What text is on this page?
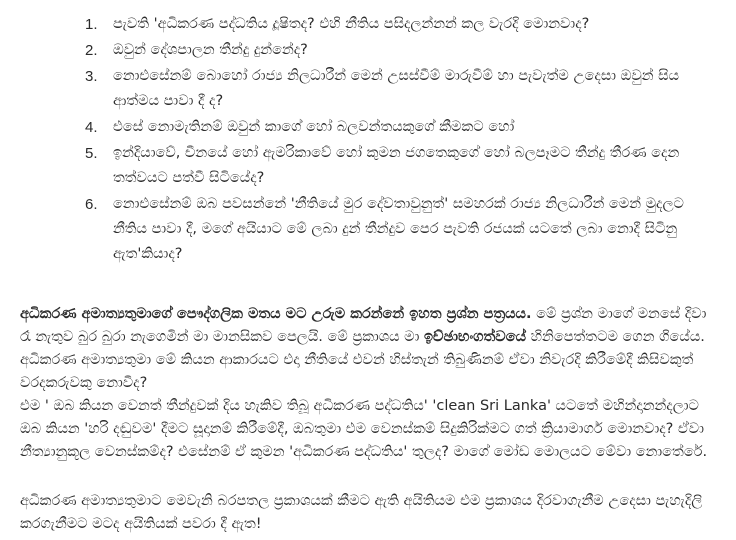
1.	පැවති 'අධිකරණ පද්ධතිය දූෂිතද? එහි නීතිය පසිදලන්නන් කල වැරදි මොනවාද?
2.	ඔවුන් දේශපාලන තීන්දු දුන්නේද?
3.	නොඑසේනම් බොහෝ රාජ්‍ය නිලධාරීන් මෙන් උසස්වීම් මාරුවීම් හා පැවැත්ම උදෙසා ඔවුන් සිය ආත්මය පාවා දී ද?
4.	එසේ නොමැතිනම් ඔවුන් කාගේ හෝ බලවන්තයකුගේ කීමකට හෝ
5.	ඉන්දියාවේ, චීනයේ හෝ ඇමරිකාවේ හෝ කුමන ජගතෙකුගේ හෝ බලපෑමට තීන්දු තීරණ දෙන තත්වයට පත්වී සිටියේද?
6.	නොඑසේනම් ඔබ පවසන්නේ 'නීතියේ මුර දේවතාවුනුත්' සමහරක් රාජ්‍ය නිලධාරීන් මෙන් මුදලට නීතිය පාවා දී, මගේ අයියාට මේ ලබා දුන් තීන්දුව පෙර පැවති රජයක් යටතේ ලබා නොදී සිටිනු ඇත'කියාද?

අධිකරණ අමාත්‍යතුමාගේ පෞද්ගලික මතය මට උරුම කරන්නේ ඉහත ප්‍රශ්න පත්‍රයය. මේ ප්‍රශ්න මාගේ මනසේ දිවා රෑ නැතුව බුර බුරා නැගෙමින් මා මානසිකව පෙලයි. මේ ප්‍රකාශය මා ඉච්ඡාභංගත්වයේ හිනිපෙත්තටම ගෙන ගියේය.

අධිකරණ අමාත්‍යතුමා මේ කියන ආකාරයට එදා නීතියේ එවන් හිස්තැන් තිබුණිනම් ඒවා නිවැරදි කිරීමේදී කිසිවකුත් වරදකරුවකු නොවීද?

එම ' ඔබ කියන වෙනත් තීන්දුවක් දිය හැකිව තිබූ අධිකරණ පද්ධතිය' 'clean Sri Lanka' යටතේ මහින්දානන්දලාට ඔබ කියන 'හරි දඬුවම' දීමට සූදානම් කිරීමේදී, ඔබතුමා එම වෙනස්කම් සිදුකිරික්මට ගත් ක්‍රියාමාර්ග මොනවාද? ඒවා නීත්‍යානුකූල වෙනස්කම්ද? එසේනම් ඒ කුමන 'අධිකරණ පද්ධතිය' තුලද? මාගේ මෝඩ මොලයට මේවා නොතේරේ.

අධිකරණ අමාත්‍යතුමාට මෙවැනි බරපතල ප්‍රකාශයක් කීමට ඇති අයිතියම එම ප්‍රකාශය දිරවාගැනීම උදෙසා පැහැදිලි කරගැනීමට මටද අයිතියක් පවරා දී ඇත!
